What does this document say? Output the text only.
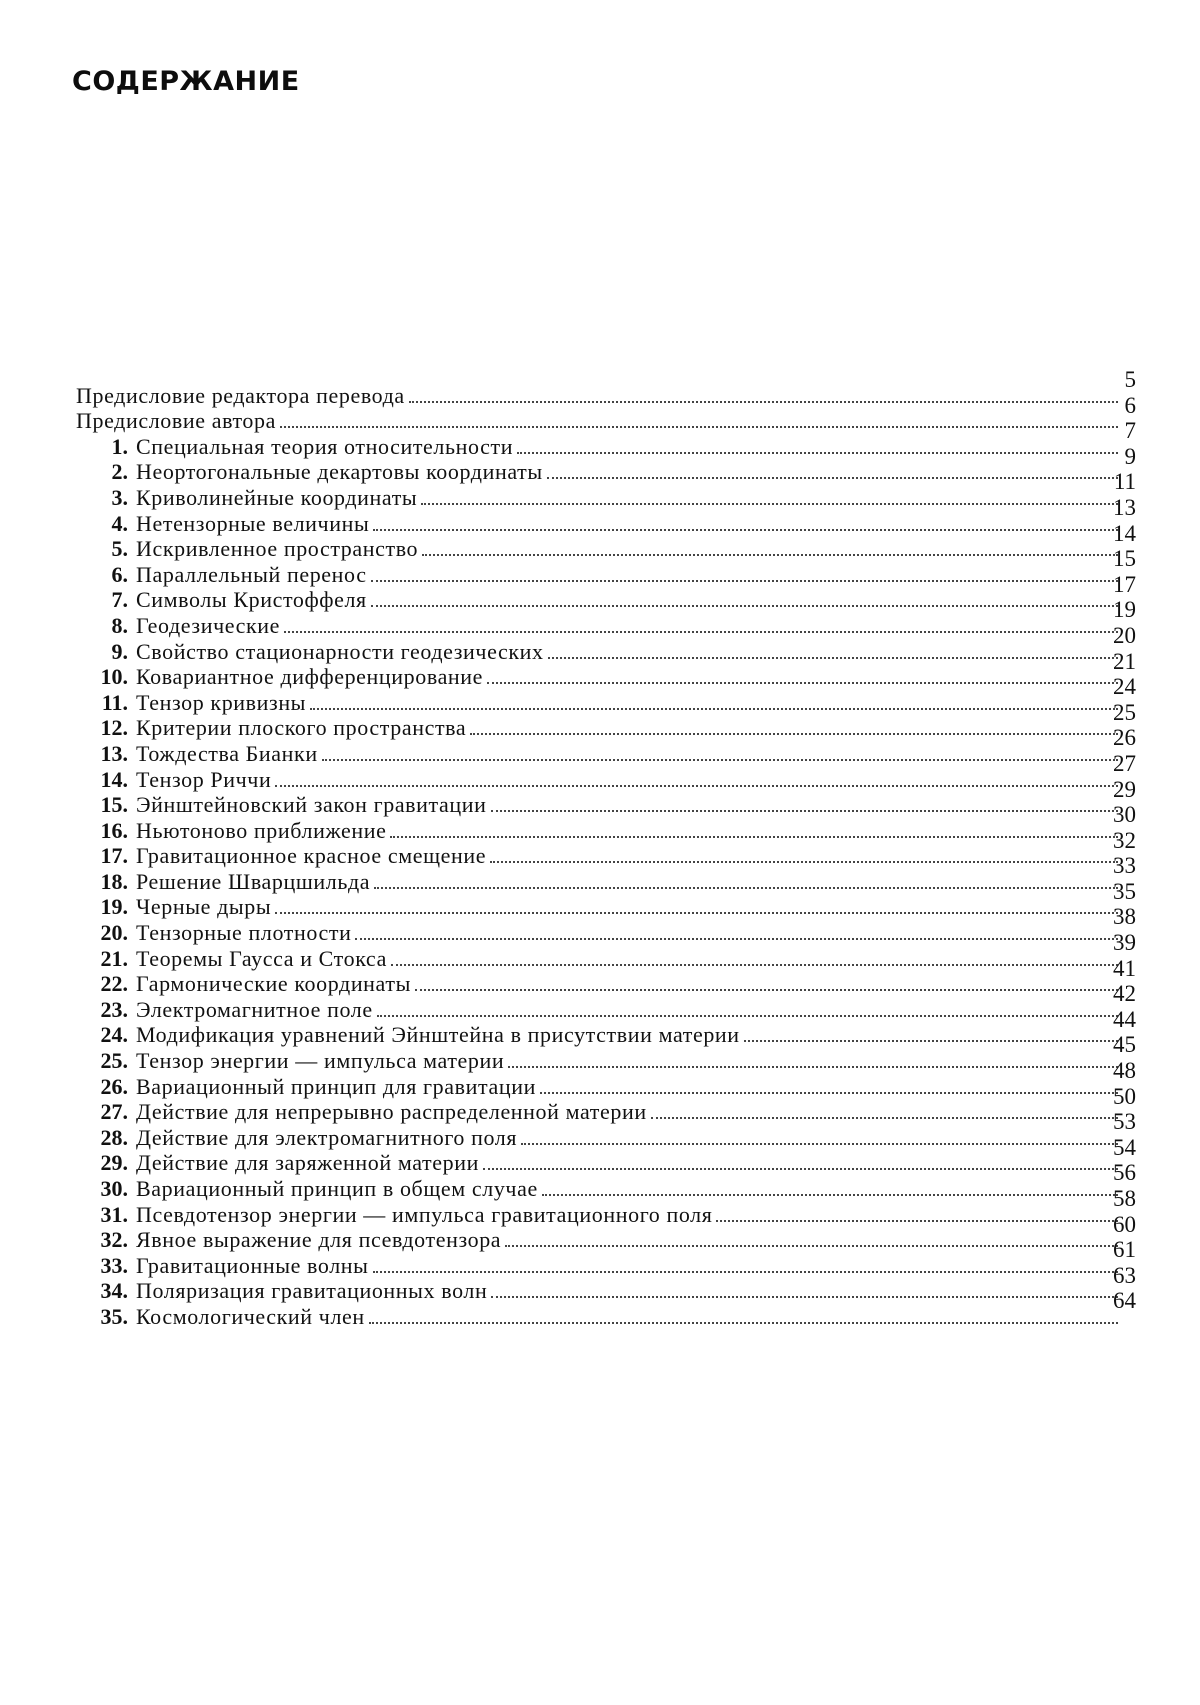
СОДЕРЖАНИЕ
Предисловие редактора перевода
5
Предисловие автора
6
1. Специальная теория относительности
7
2. Неортогональные декартовы координаты
9
3. Криволинейные координаты
11
4. Нетензорные величины
13
5. Искривленное пространство
14
6. Параллельный перенос
15
7. Символы Кристоффеля
17
8. Геодезические
19
9. Свойство стационарности геодезических
20
10. Ковариантное дифференцирование
21
11. Тензор кривизны
24
12. Критерии плоского пространства
25
13. Тождества Бианки
26
14. Тензор Риччи
27
15. Эйнштейновский закон гравитации
29
16. Ньютоново приближение
30
17. Гравитационное красное смещение
32
18. Решение Шварцшильда
33
19. Черные дыры
35
20. Тензорные плотности
38
21. Теоремы Гаусса и Стокса
39
22. Гармонические координаты
41
23. Электромагнитное поле
42
24. Модификация уравнений Эйнштейна в присутствии материи
44
25. Тензор энергии — импульса материи
45
26. Вариационный принцип для гравитации
48
27. Действие для непрерывно распределенной материи
50
28. Действие для электромагнитного поля
53
29. Действие для заряженной материи
54
30. Вариационный принцип в общем случае
56
31. Псевдотензор энергии — импульса гравитационного поля
58
32. Явное выражение для псевдотензора
60
33. Гравитационные волны
61
34. Поляризация гравитационных волн
63
35. Космологический член
64
